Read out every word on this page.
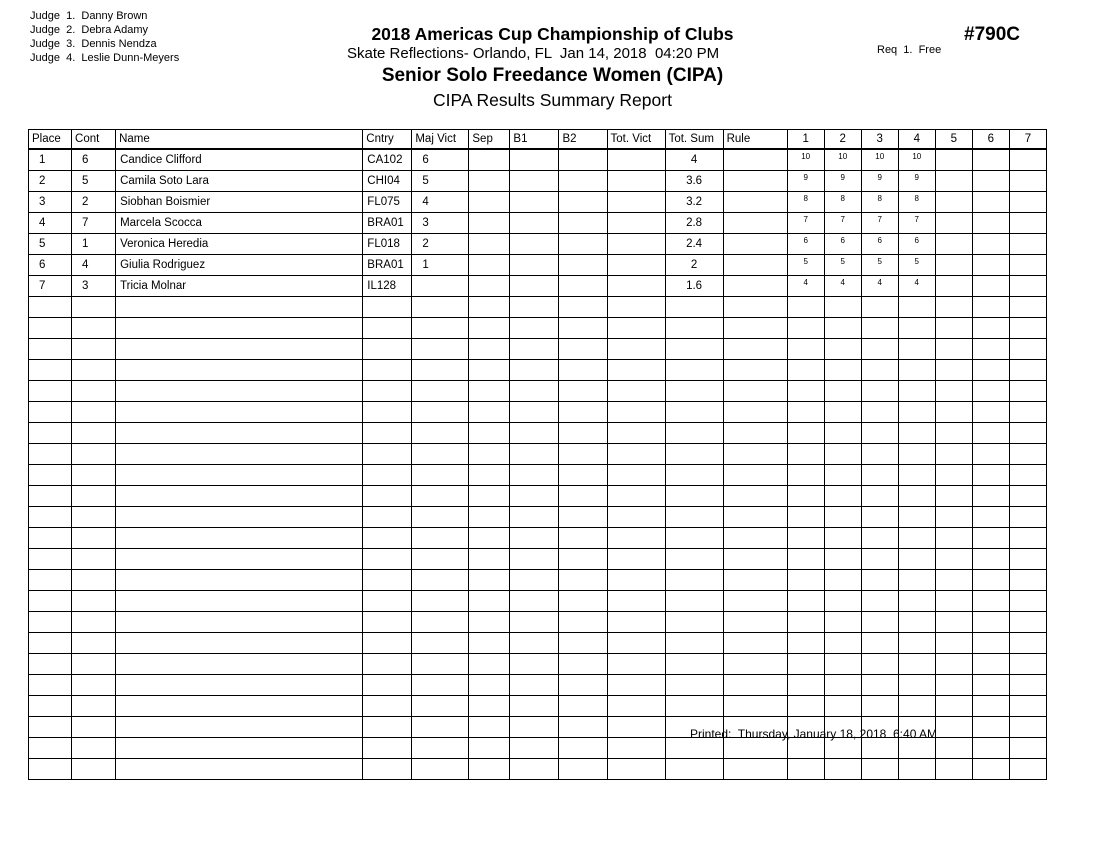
Judge  1.  Danny Brown
Judge  2.  Debra Adamy
Judge  3.  Dennis Nendza
Judge  4.  Leslie Dunn-Meyers
2018 Americas Cup Championship of Clubs
Skate Reflections- Orlando, FL  Jan 14, 2018  04:20 PM
Senior Solo Freedance Women (CIPA)
CIPA Results Summary Report
#790C
Req  1.  Free
Place	Cont	Name	Cntry	Maj Vict	Sep	B1	B2	Tot. Vict	Tot. Sum	Rule	1	2	3	4	5	6	7
1	6	Candice Clifford	CA102	6					4		10	10	10	10			
2	5	Camila Soto Lara	CHI04	5					3.6		9	9	9	9			
3	2	Siobhan Boismier	FL075	4					3.2		8	8	8	8			
4	7	Marcela Scocca	BRA01	3					2.8		7	7	7	7			
5	1	Veronica Heredia	FL018	2					2.4		6	6	6	6			
6	4	Giulia Rodriguez	BRA01	1					2		5	5	5	5			
7	3	Tricia Molnar	IL128						1.6		4	4	4	4			

Printed:  Thursday, January 18, 2018  6:40 AM
